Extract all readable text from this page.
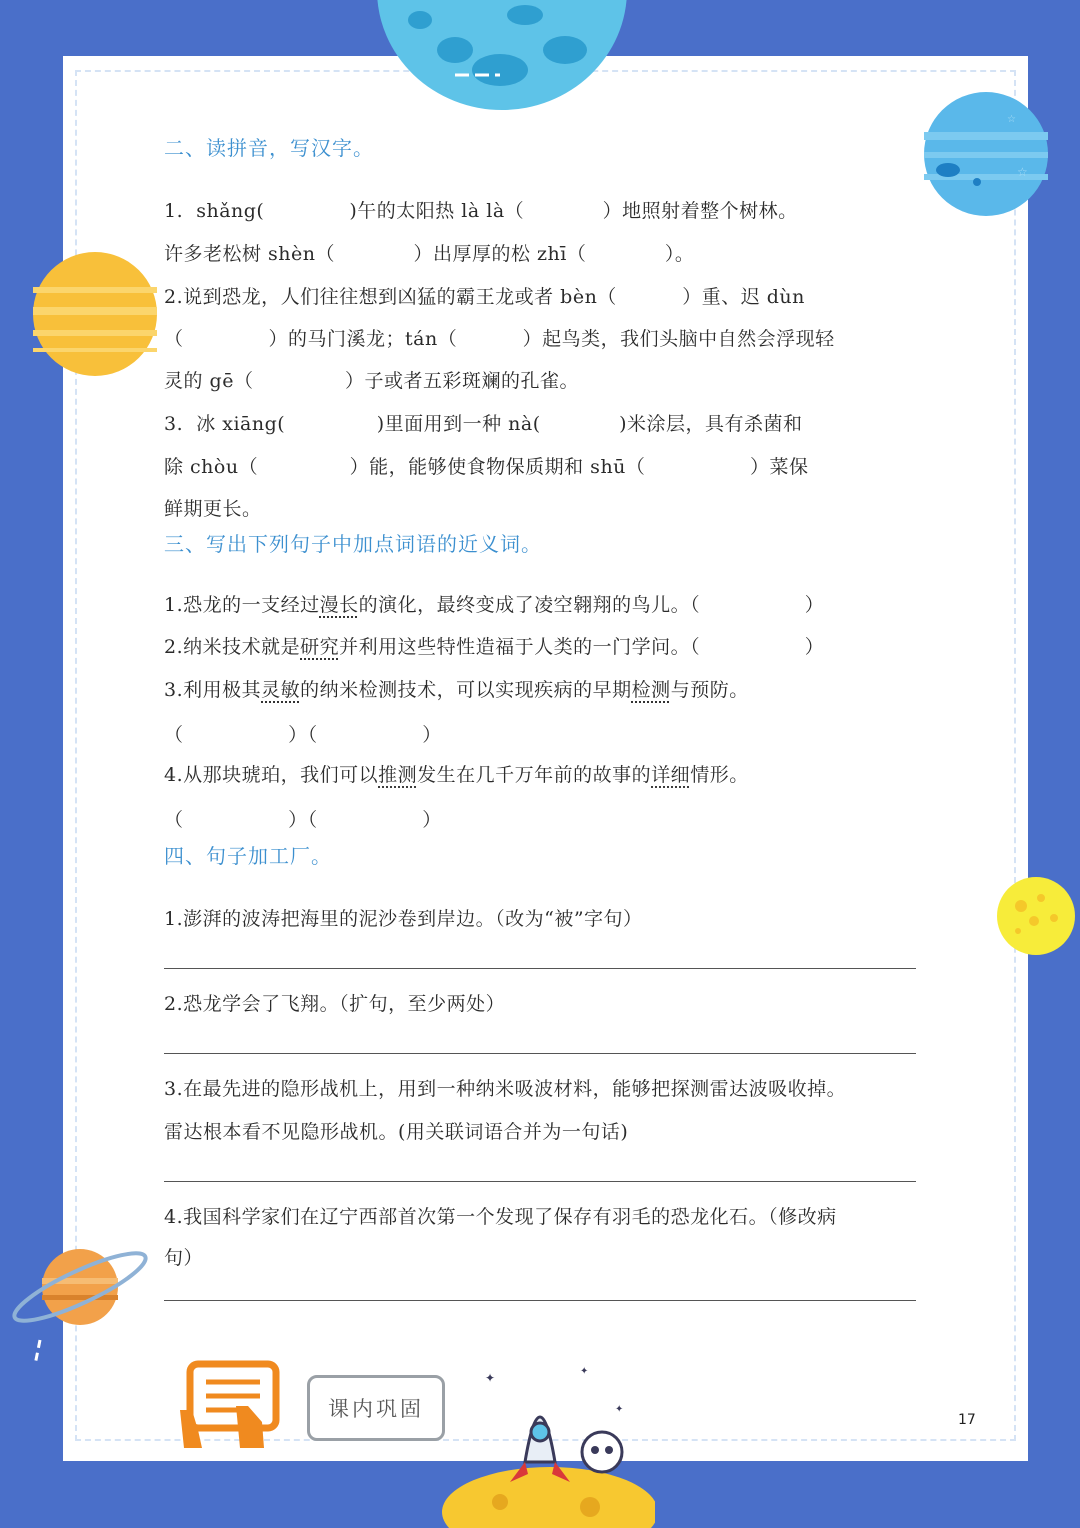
☆
☆
课内巩固
✦	✦
✦
二、读拼音，写汉字。
1.  shǎng(             )午的太阳热 là là（            ）地照射着整个树林。
许多老松树 shèn（            ）出厚厚的松 zhī（            ）。
2.说到恐龙，人们往往想到凶猛的霸王龙或者 bèn（          ）重、迟 dùn
（             ）的马门溪龙；tán（          ）起鸟类，我们头脑中自然会浮现轻
灵的 gē（              ）子或者五彩斑斓的孔雀。
3.  冰 xiāng(              )里面用到一种 nà(            )米涂层，具有杀菌和
除 chòu（              ）能，能够使食物保质期和 shū（                ）菜保
鲜期更长。
三、写出下列句子中加点词语的近义词。
1.恐龙的一支经过漫长的演化，最终变成了凌空翱翔的鸟儿。（                ）
2.纳米技术就是研究并利用这些特性造福于人类的一门学问。（                ）
3.利用极其灵敏的纳米检测技术，可以实现疾病的早期检测与预防。
（                ）（                ）
4.从那块琥珀，我们可以推测发生在几千万年前的故事的详细情形。
（                ）（                ）
四、句子加工厂。
1.澎湃的波涛把海里的泥沙卷到岸边。（改为“被”字句）
2.恐龙学会了飞翔。（扩句，至少两处）
3.在最先进的隐形战机上，用到一种纳米吸波材料，能够把探测雷达波吸收掉。
雷达根本看不见隐形战机。(用关联词语合并为一句话)
4.我国科学家们在辽宁西部首次第一个发现了保存有羽毛的恐龙化石。（修改病
句）
17
